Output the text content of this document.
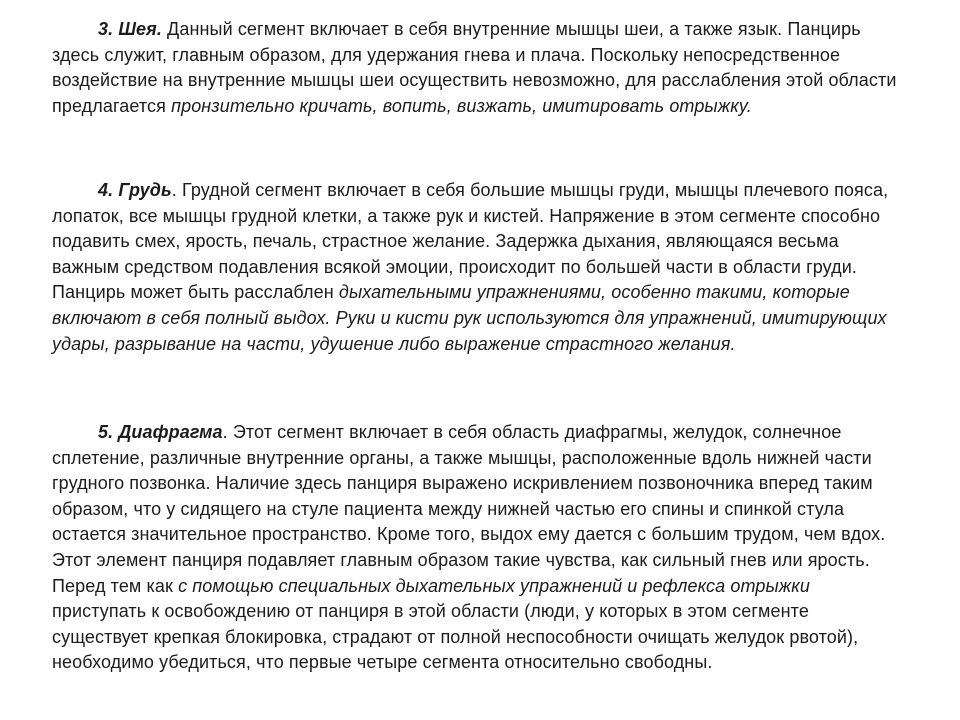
3. Шея. Данный сегмент включает в себя внутренние мышцы шеи, а также язык. Панцирь здесь служит, главным образом, для удержания гнева и плача. Поскольку непосредственное воздействие на внутренние мышцы шеи осуществить невозможно, для расслабления этой области предлагается пронзительно кричать, вопить, визжать, имитировать отрыжку.

4. Грудь. Грудной сегмент включает в себя большие мышцы груди, мышцы плечевого пояса, лопаток, все мышцы грудной клетки, а также рук и кистей. Напряжение в этом сегменте способно подавить смех, ярость, печаль, страстное желание. Задержка дыхания, являющаяся весьма важным средством подавления всякой эмоции, происходит по большей части в области груди. Панцирь может быть расслаблен дыхательными упражнениями, особенно такими, которые включают в себя полный выдох. Руки и кисти рук используются для упражнений, имитирующих удары, разрывание на части, удушение либо выражение страстного желания.

5. Диафрагма. Этот сегмент включает в себя область диафрагмы, желудок, солнечное сплетение, различные внутренние органы, а также мышцы, расположенные вдоль нижней части грудного позвонка. Наличие здесь панциря выражено искривлением позвоночника вперед таким образом, что у сидящего на стуле пациента между нижней частью его спины и спинкой стула остается значительное пространство. Кроме того, выдох ему дается с большим трудом, чем вдох. Этот элемент панциря подавляет главным образом такие чувства, как сильный гнев или ярость. Перед тем как с помощью специальных дыхательных упражнений и рефлекса отрыжки приступать к освобождению от панциря в этой области (люди, у которых в этом сегменте существует крепкая блокировка, страдают от полной неспособности очищать желудок рвотой), необходимо убедиться, что первые четыре сегмента относительно свободны.
